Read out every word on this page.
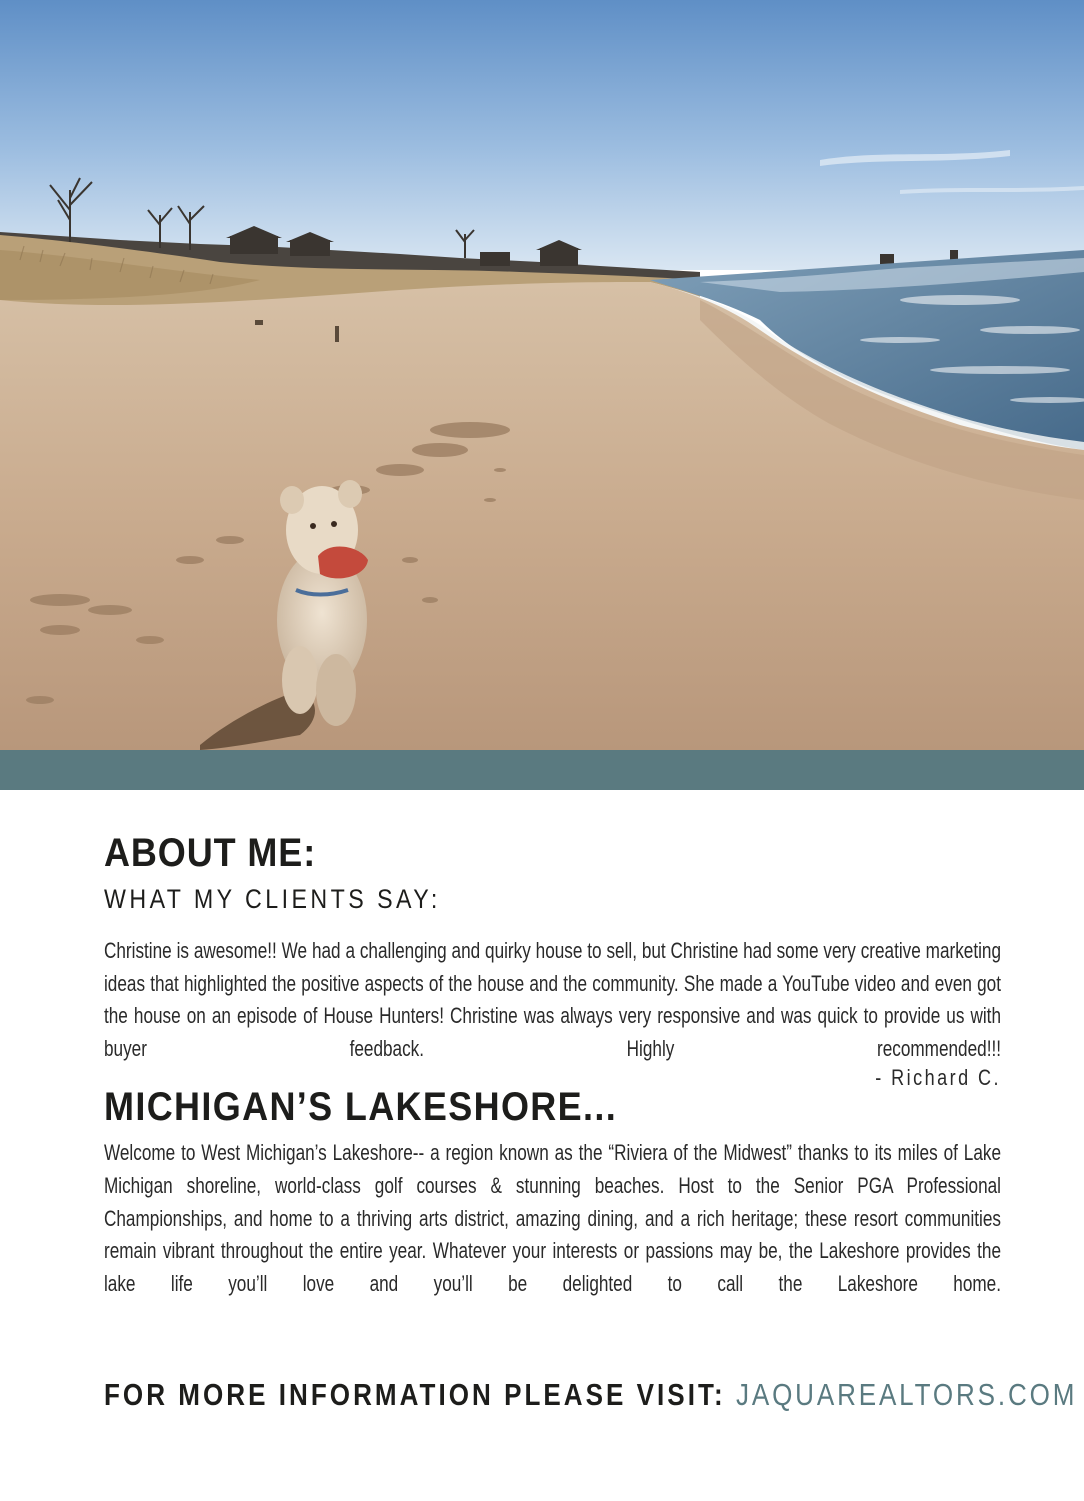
ABOUT ME:
WHAT MY CLIENTS SAY:

Christine is awesome!! We had a challenging and quirky house to sell, but Christine had some very creative marketing ideas that highlighted the positive aspects of the house and the community. She made a YouTube video and even got the house on an episode of House Hunters! Christine was always very responsive and was quick to provide us with buyer feedback. Highly recommended!!!

- Richard C.

MICHIGAN’S LAKESHORE...

Welcome to West Michigan’s Lakeshore-- a region known as the “Riviera of the Midwest” thanks to its miles of Lake Michigan shoreline, world-class golf courses & stunning beaches. Host to the Senior PGA Professional Championships, and home to a thriving arts district, amazing dining, and a rich heritage; these resort communities remain vibrant throughout the entire year. Whatever your interests or passions may be, the Lakeshore provides the lake life you’ll love and you’ll be delighted to call the Lakeshore home.

FOR MORE INFORMATION PLEASE VISIT: JAQUAREALTORS.COM
